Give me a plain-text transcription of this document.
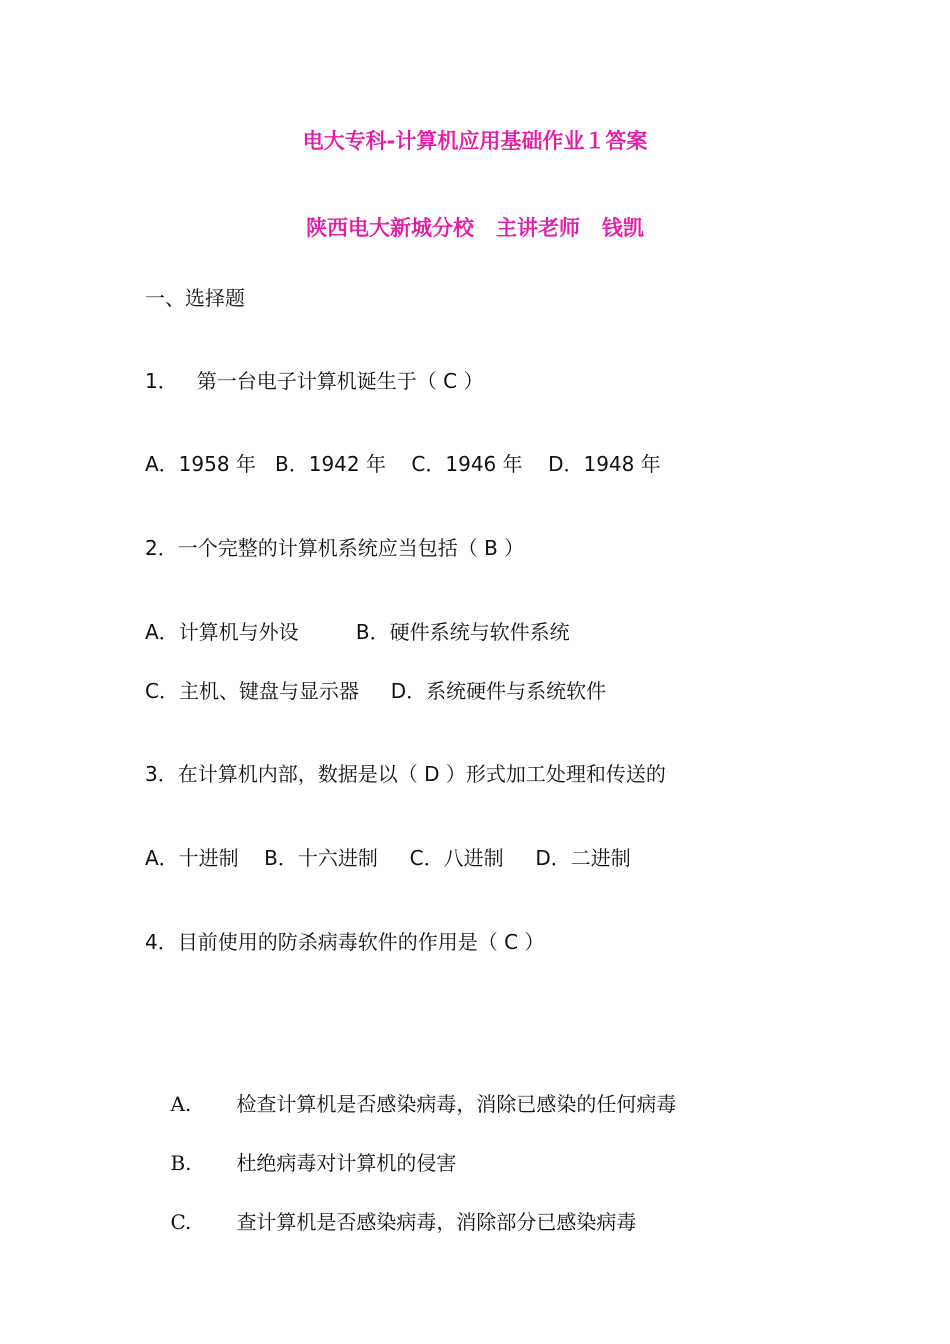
电大专科-计算机应用基础作业１答案
陕西电大新城分校   主讲老师   钱凯
一、选择题
1．   第一台电子计算机诞生于（ C ）
A．1958 年   B．1942 年    C．1946 年    D．1948 年
2．一个完整的计算机系统应当包括（ B ）
A．计算机与外设         B．硬件系统与软件系统
C．主机、键盘与显示器     D．系统硬件与系统软件
3．在计算机内部，数据是以（ D ）形式加工处理和传送的
A．十进制    B．十六进制     C．八进制     D．二进制
4．目前使用的防杀病毒软件的作用是（ C ）

A. 检查计算机是否感染病毒，消除已感染的任何病毒

B. 杜绝病毒对计算机的侵害

C. 查计算机是否感染病毒，消除部分已感染病毒
